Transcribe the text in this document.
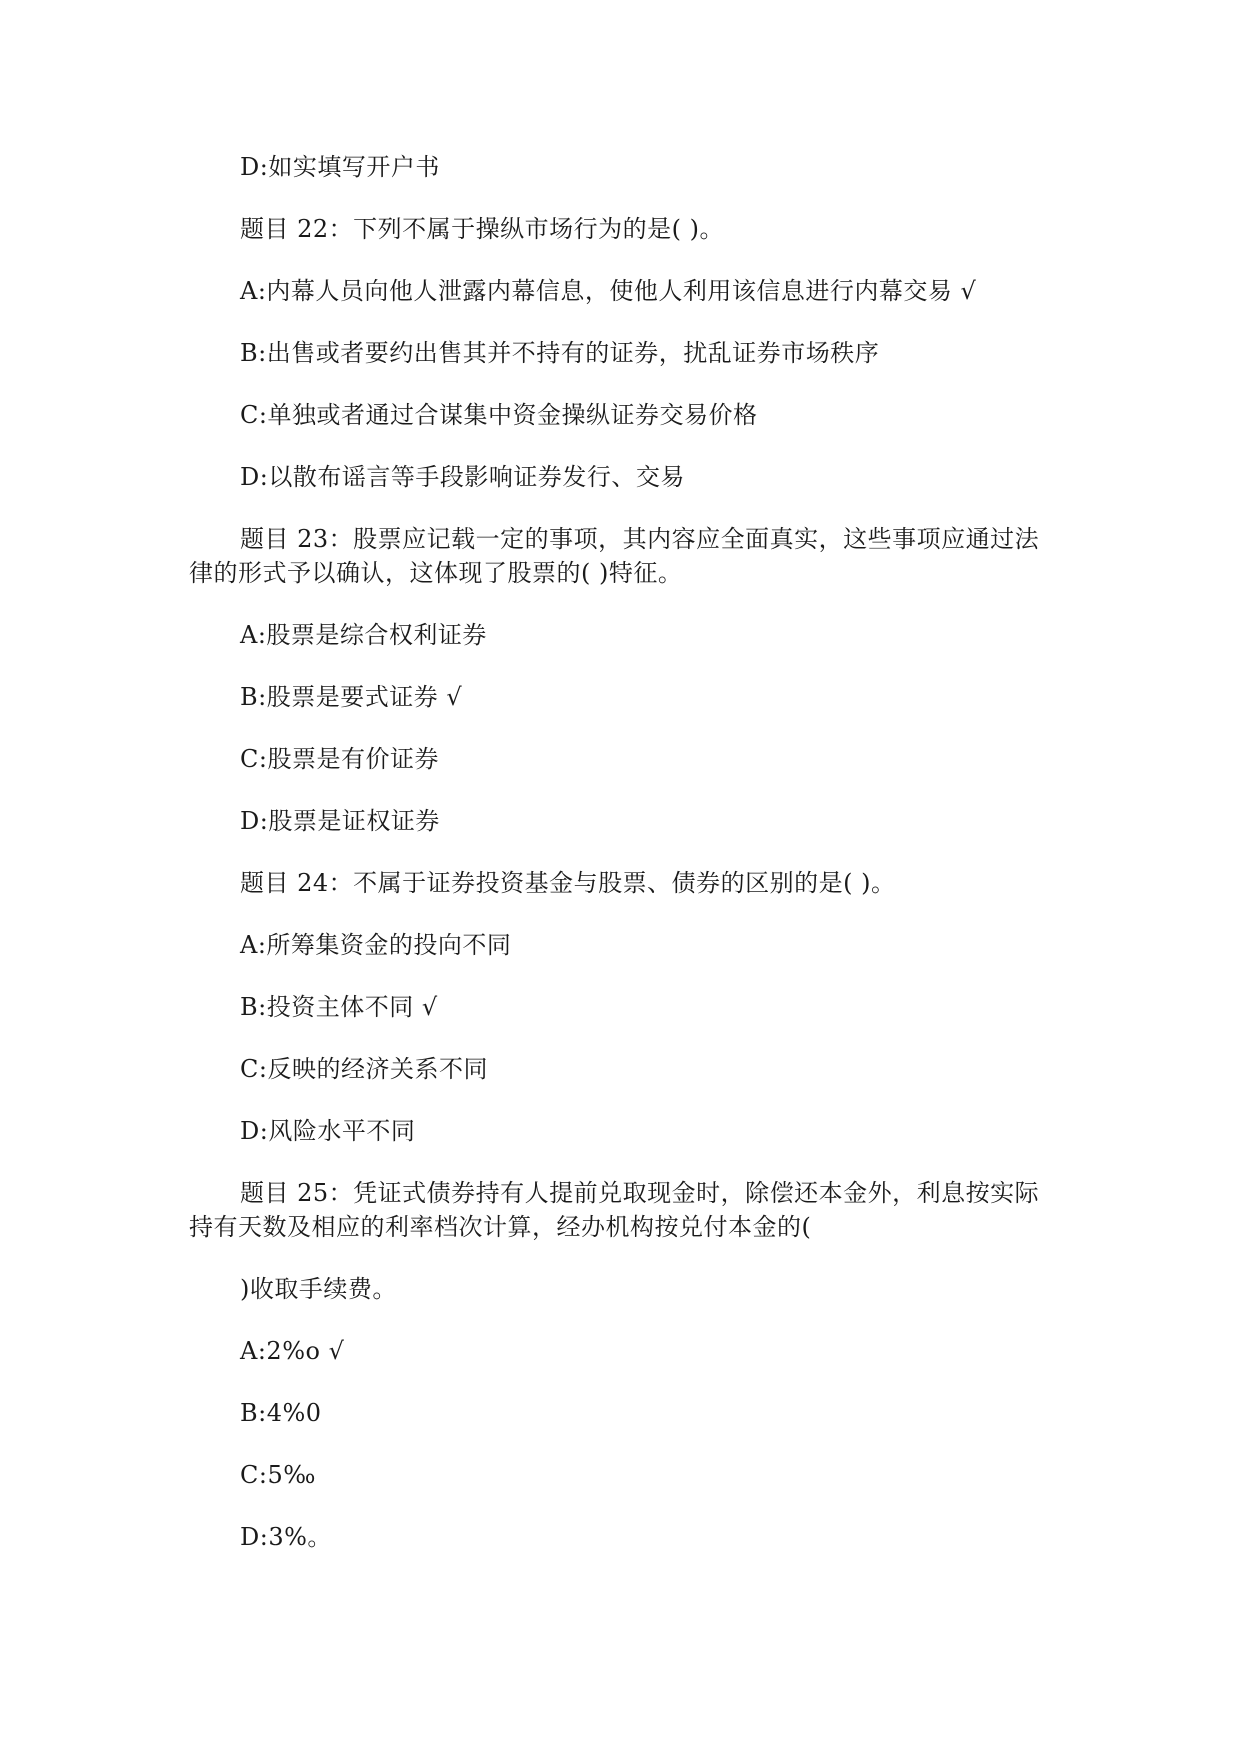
D:如实填写开户书
题目 22：下列不属于操纵市场行为的是( )。
A:内幕人员向他人泄露内幕信息，使他人利用该信息进行内幕交易 √
B:出售或者要约出售其并不持有的证券，扰乱证券市场秩序
C:单独或者通过合谋集中资金操纵证券交易价格
D:以散布谣言等手段影响证券发行、交易
题目 23：股票应记载一定的事项，其内容应全面真实，这些事项应通过法
律的形式予以确认，这体现了股票的( )特征。
A:股票是综合权利证券
B:股票是要式证券 √
C:股票是有价证券
D:股票是证权证券
题目 24：不属于证券投资基金与股票、债券的区别的是( )。
A:所筹集资金的投向不同
B:投资主体不同 √
C:反映的经济关系不同
D:风险水平不同
题目 25：凭证式债券持有人提前兑取现金时，除偿还本金外，利息按实际
持有天数及相应的利率档次计算，经办机构按兑付本金的(
)收取手续费。
A:2%o √
B:4%0
C:5‰
D:3%。
